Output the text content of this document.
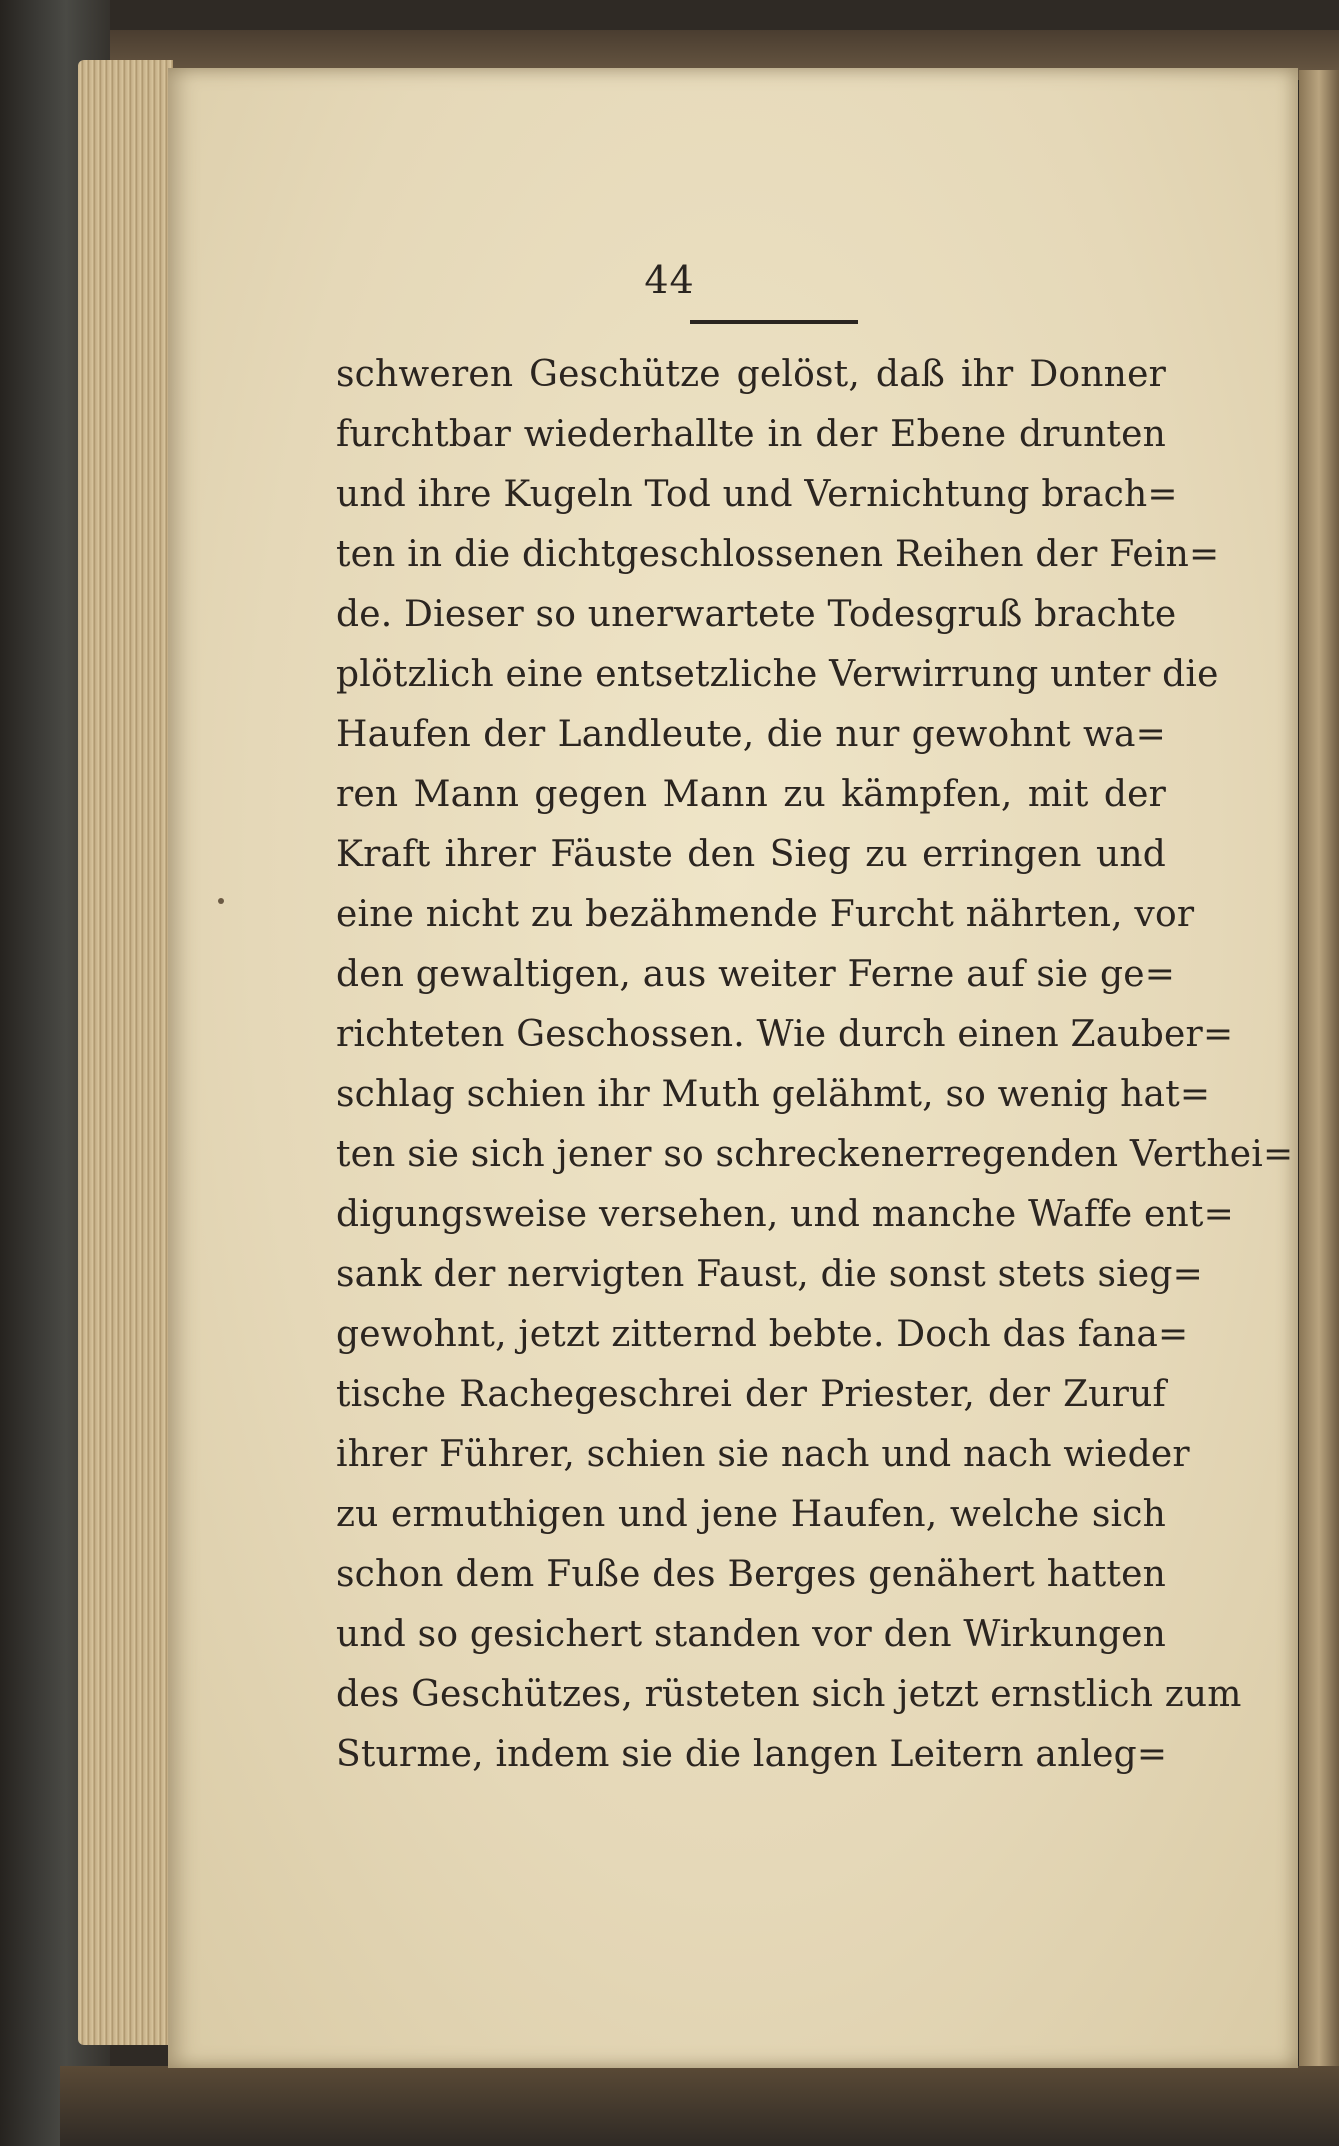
44
schweren Geschütze gelöst, daß ihr Donner
furchtbar wiederhallte in der Ebene drunten
und ihre Kugeln Tod und Vernichtung brach=
ten in die dichtgeschlossenen Reihen der Fein=
de. Dieser so unerwartete Todesgruß brachte
plötzlich eine entsetzliche Verwirrung unter die
Haufen der Landleute, die nur gewohnt wa=
ren Mann gegen Mann zu kämpfen, mit der
Kraft ihrer Fäuste den Sieg zu erringen und
eine nicht zu bezähmende Furcht nährten, vor
den gewaltigen, aus weiter Ferne auf sie ge=
richteten Geschossen. Wie durch einen Zauber=
schlag schien ihr Muth gelähmt, so wenig hat=
ten sie sich jener so schreckenerregenden Verthei=
digungsweise versehen, und manche Waffe ent=
sank der nervigten Faust, die sonst stets sieg=
gewohnt, jetzt zitternd bebte. Doch das fana=
tische Rachegeschrei der Priester, der Zuruf
ihrer Führer, schien sie nach und nach wieder
zu ermuthigen und jene Haufen, welche sich
schon dem Fuße des Berges genähert hatten
und so gesichert standen vor den Wirkungen
des Geschützes, rüsteten sich jetzt ernstlich zum
Sturme, indem sie die langen Leitern anleg=
